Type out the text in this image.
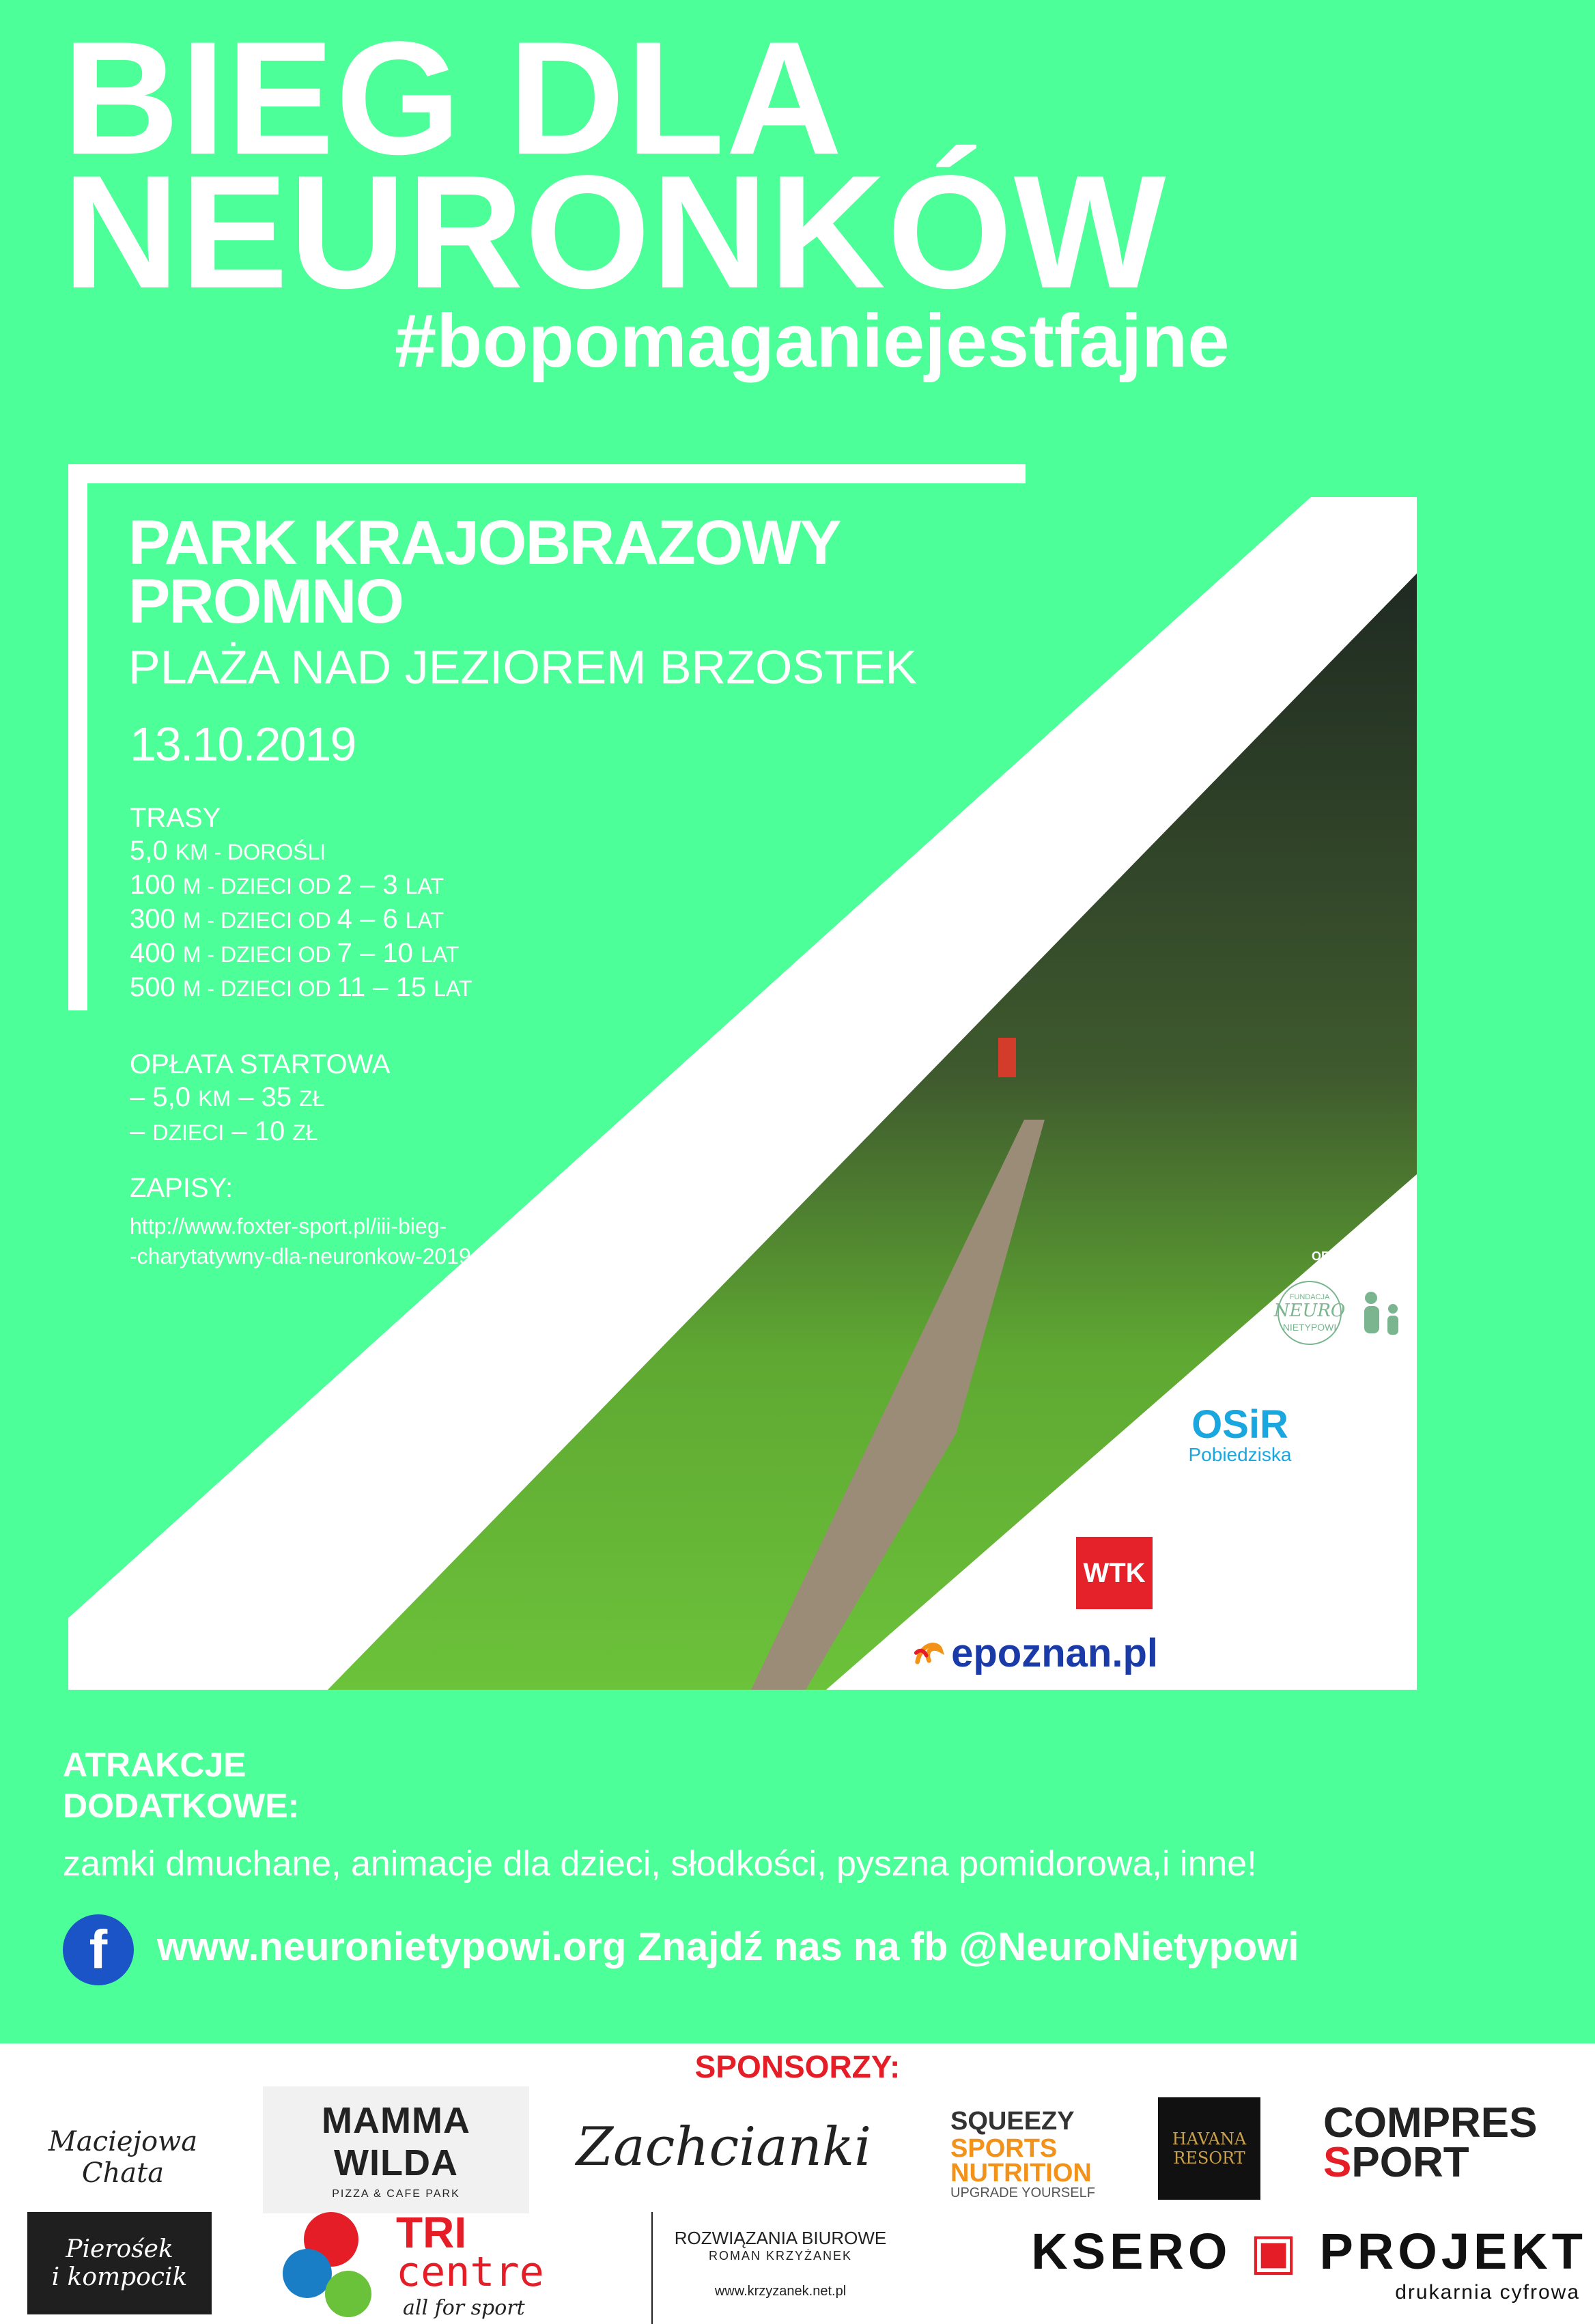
BIEG DLA
NEURONKÓW
#bopomaganiejestfajne
PARK KRAJOBRAZOWY
PROMNO
PLAŻA NAD JEZIOREM BRZOSTEK
13.10.2019
TRASY
5,0 KM - DOROŚLI
100 M - DZIECI OD 2 – 3 LAT
300 M - DZIECI OD 4 – 6 LAT
400 M - DZIECI OD 7 – 10 LAT
500 M - DZIECI OD 11 – 15 LAT
OPŁATA STARTOWA
– 5,0 KM – 35 ZŁ
– DZIECI – 10 ZŁ
ZAPISY:
http://www.foxter-sport.pl/iii-bieg-
-charytatywny-dla-neuronkow-2019	ORGANIZATOR
PARTNER
PATRONAT MEDIALNY
FUNDACJA
NEURO
NIETYPOWI
OSiR
Pobiedziska
WTK
epoznan.pl
ATRAKCJE
DODATKOWE:
zamki dmuchane, animacje dla dzieci, słodkości, pyszna pomidorowa,i inne!
f www.neuronietypowi.org Znajdź nas na fb @NeuroNietypowi
SPONSORZY:
Maciejowa Chata
MAMMA WILDA
PIZZA & CAFE PARK
Zachcianki	SQUEEZY
SPORTS
NUTRITION
UPGRADE YOURSELF
HAVANA
RESORT
COMPRES
SPORT
Pierośek
i kompocik
TRI
centre
all for sport
ROZWIĄZANIA BIUROWE
ROMAN KRZYŻANEK
www.krzyzanek.net.pl
KSERO ▣ PROJEKT
drukarnia cyfrowa
